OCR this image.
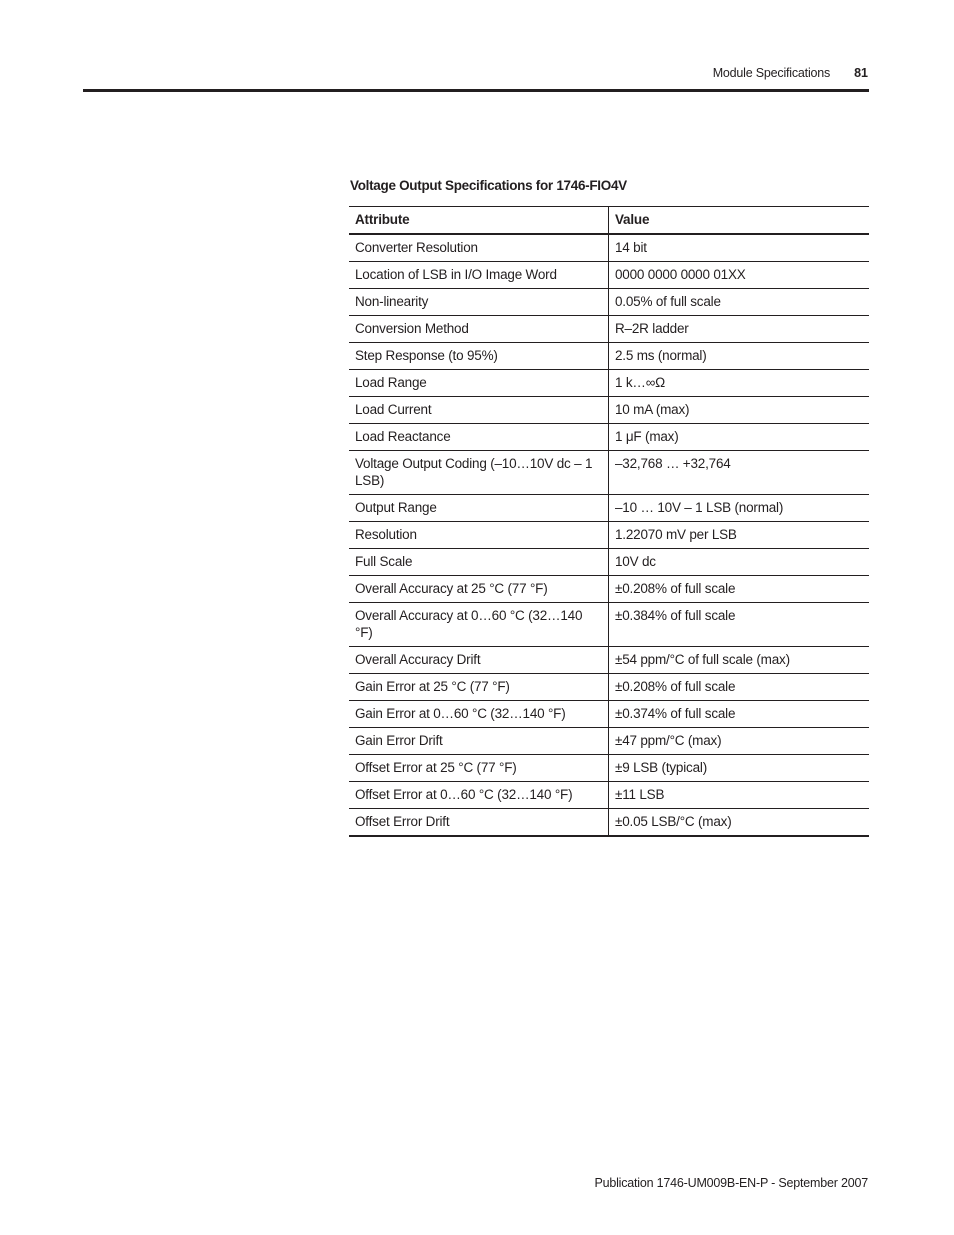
Module Specifications 81
Voltage Output Specifications for 1746-FIO4V
Attribute	Value
Converter Resolution	14 bit
Location of LSB in I/O Image Word	0000 0000 0000 01XX
Non-linearity	0.05% of full scale
Conversion Method	R–2R ladder
Step Response (to 95%)	2.5 ms (normal)
Load Range	1 k…∞Ω
Load Current	10 mA (max)
Load Reactance	1 μF (max)
Voltage Output Coding (–10…10V dc – 1 LSB)	–32,768 … +32,764
Output Range	–10 … 10V – 1 LSB (normal)
Resolution	1.22070 mV per LSB
Full Scale	10V dc
Overall Accuracy at 25 °C (77 °F)	±0.208% of full scale
Overall Accuracy at 0…60 °C (32…140 °F)	±0.384% of full scale
Overall Accuracy Drift	±54 ppm/°C of full scale (max)
Gain Error at 25 °C (77 °F)	±0.208% of full scale
Gain Error at 0…60 °C (32…140 °F)	±0.374% of full scale
Gain Error Drift	±47 ppm/°C (max)
Offset Error at 25 °C (77 °F)	±9 LSB (typical)
Offset Error at 0…60 °C (32…140 °F)	±11 LSB
Offset Error Drift	±0.05 LSB/°C (max)
Publication 1746-UM009B-EN-P - September 2007
